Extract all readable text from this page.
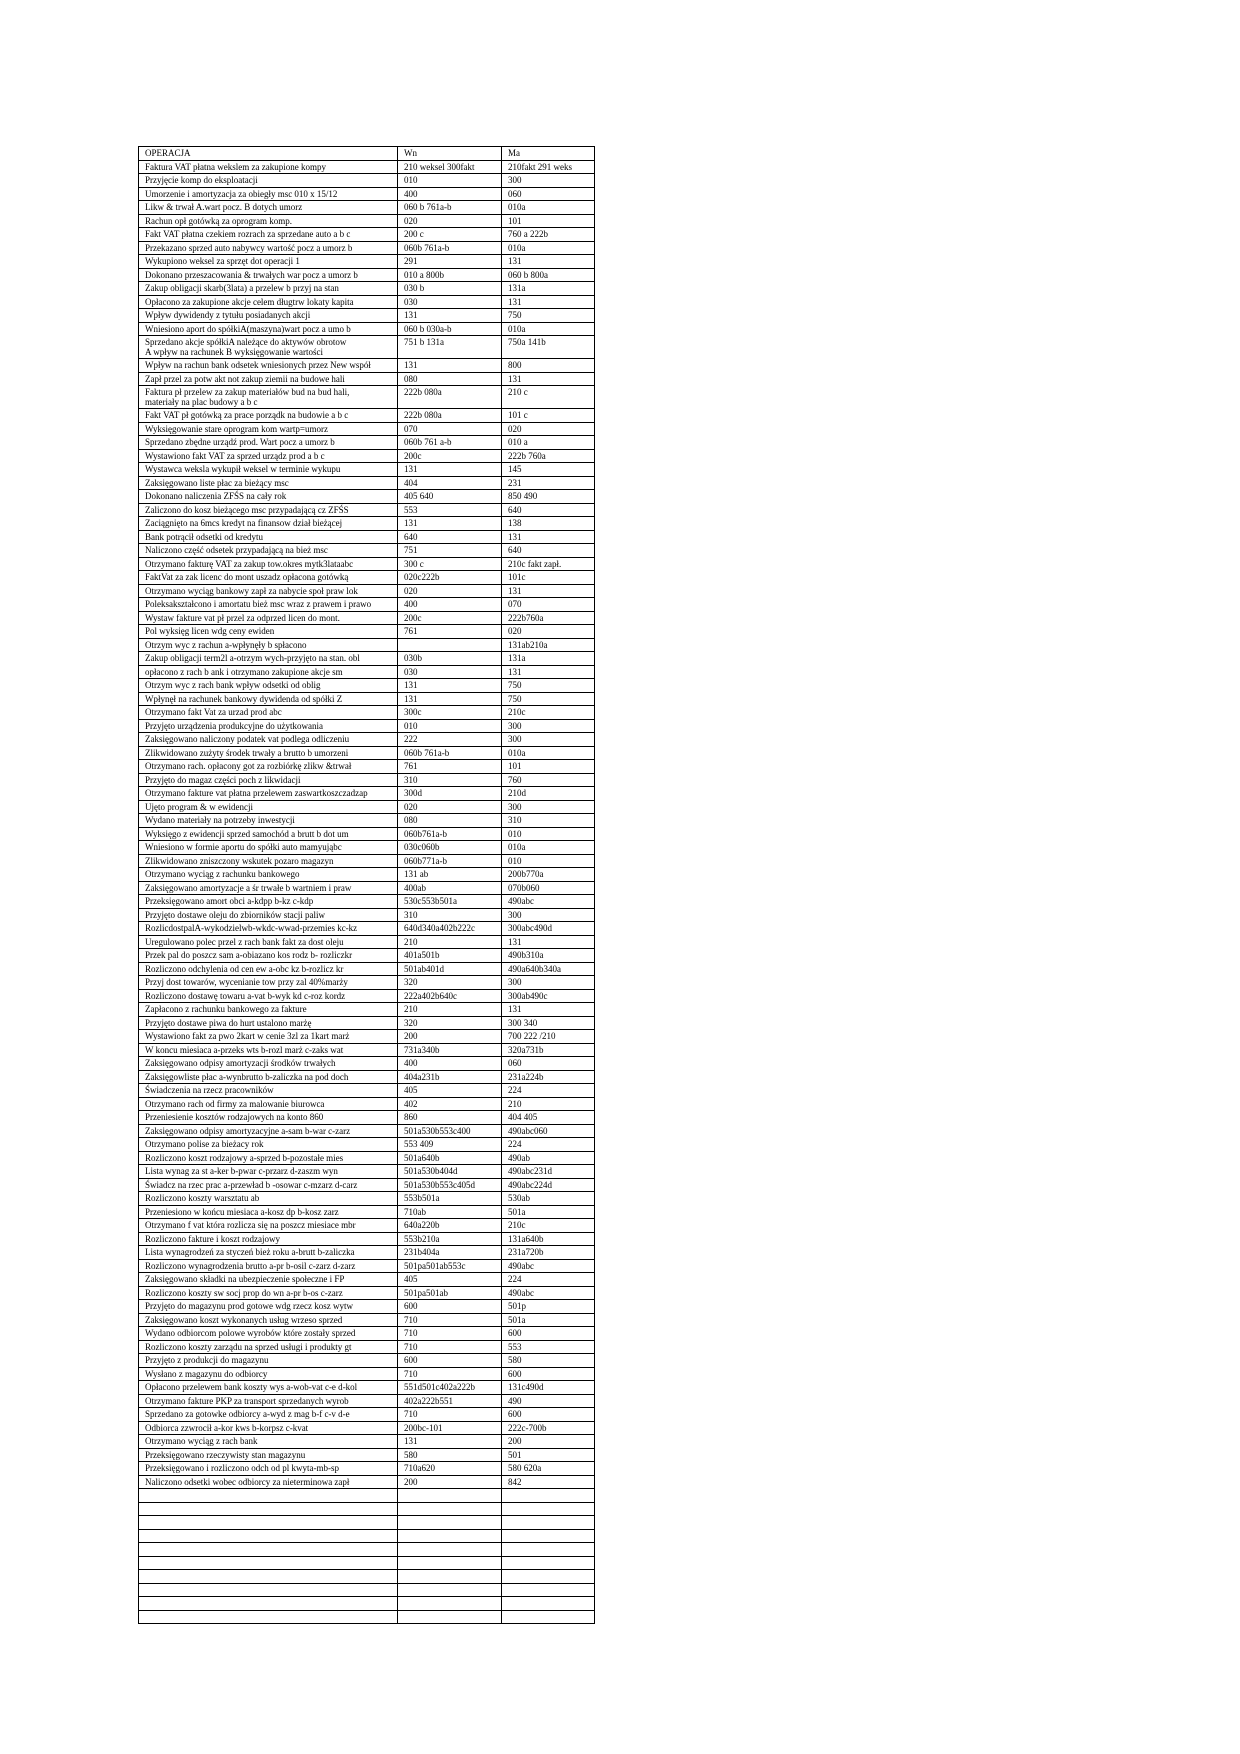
OPERACJA	Wn	Ma
Faktura VAT płatna wekslem za zakupione kompy	210 weksel 300fakt	210fakt 291 weks
Przyjęcie komp do eksploatacji	010	300
Umorzenie i amortyzacja za obiegły msc 010 x 15/12	400	060
Likw & trwał A.wart pocz. B dotych umorz	060 b 761a-b	010a
Rachun opł gotówką za oprogram komp.	020	101
Fakt VAT płatna czekiem rozrach za sprzedane auto a b c	200 c	760 a 222b
Przekazano sprzed auto nabywcy wartość pocz a umorz b	060b 761a-b	010a
Wykupiono weksel za sprzęt dot operacji 1	291	131
Dokonano przeszacowania & trwałych war pocz a umorz b	010 a 800b	060 b 800a
Zakup obligacji skarb(3lata) a przelew b przyj na stan	030 b	131a
Opłacono za zakupione akcje celem długtrw lokaty kapita	030	131
Wpływ dywidendy z tytułu posiadanych akcji	131	750
Wniesiono aport do spółkiA(maszyna)wart pocz a umo b	060 b 030a-b	010a
Sprzedano akcje spółkiA należące do aktywów obrotow
A wpływ na rachunek B wyksięgowanie wartości	751 b 131a	750a 141b
Wpływ na rachun bank odsetek wniesionych przez New współ	131	800
Zapł przel za potw akt not zakup ziemii na budowe hali	080	131
Faktura pł przelew za zakup materiałów bud na bud hali,
materiały na plac budowy a b c	222b 080a	210 c
Fakt VAT pł gotówką za prace porządk na budowie a b c	222b 080a	101 c
Wyksięgowanie stare oprogram kom wartp=umorz	070	020
Sprzedano zbędne urządź prod. Wart pocz a umorz b	060b 761 a-b	010 a
Wystawiono fakt VAT za sprzed urządz prod a b c	200c	222b 760a
Wystawca weksla wykupił weksel w terminie wykupu	131	145
Zaksięgowano liste płac za bieżący msc	404	231
Dokonano naliczenia ZFŚS na cały rok	405 640	850 490
Zaliczono do kosz bieżącego msc przypadającą cz ZFŚS	553	640
Zaciągnięto na 6mcs kredyt na finansow dział bieżącej	131	138
Bank potrącił odsetki od kredytu	640	131
Naliczono część odsetek przypadającą na bież msc	751	640
Otrzymano fakturę VAT za zakup tow.okres mytk3lataabc	300 c	210c fakt zapł.
FaktVat za zak licenc do mont uszadz opłacona gotówką	020c222b	101c
Otrzymano wyciąg bankowy zapł za nabycie społ praw lok	020	131
Poleksakształcono i amortatu bież msc wraz z prawem i prawo	400	070
Wystaw fakture vat pł przel za odprzed licen do mont.	200c	222b760a
Pol wyksięg licen wdg ceny ewiden	761	020
Otrzym wyc z rachun a-wpłynęły b spłacono		131ab210a
Zakup obligacji term2l a-otrzym wych-przyjęto na stan. obl	030b	131a
opłacono z rach b ank i otrzymano zakupione akcje sm	030	131
Otrzym wyc z rach bank wpływ odsetki od oblig	131	750
Wpłynęł na rachunek bankowy dywidenda od spółki Z	131	750
Otrzymano fakt Vat za urzad prod abc	300c	210c
Przyjęto urządzenia produkcyjne do użytkowania	010	300
Zaksięgowano naliczony podatek vat podlega odliczeniu	222	300
Zlikwidowano zużyty środek trwały a brutto b umorzeni	060b 761a-b	010a
Otrzymano rach. opłacony got za rozbiórkę zlikw &trwał	761	101
Przyjęto do magaz części poch z likwidacji	310	760
Otrzymano fakture vat płatna przelewem zaswartkoszczadzap	300d	210d
Ujęto program & w ewidencji	020	300
Wydano materiały na potrzeby inwestycji	080	310
Wyksięgo z ewidencji sprzed samochód a brutt b dot um	060b761a-b	010
Wniesiono w formie aportu do spółki auto mamyująbc	030c060b	010a
Zlikwidowano zniszczony wskutek pozaro magazyn	060b771a-b	010
Otrzymano wyciąg z rachunku bankowego	131 ab	200b770a
Zaksięgowano amortyzacje a śr trwałe b wartniem i praw	400ab	070b060
Przeksięgowano amort obci a-kdpp b-kz c-kdp	530c553b501a	490abc
Przyjęto dostawe oleju do zbiorników stacji paliw	310	300
RozlicdostpalA-wykodzielwb-wkdc-wwad-przemies kc-kz	640d340a402b222c	300abc490d
Uregulowano polec przel z rach bank fakt za dost oleju	210	131
Przek pal do poszcz sam a-obiazano kos rodz b- rozliczkr	401a501b	490b310a
Rozliczono odchylenia od cen ew a-obc kz b-rozlicz kr	501ab401d	490a640b340a
Przyj dost towarów, wycenianie tow przy zal 40%marży	320	300
Rozliczono dostawę towaru a-vat b-wyk kd c-roz kordz	222a402b640c	300ab490c
Zapłacono z rachunku bankowego za fakture	210	131
Przyjęto dostawe piwa do hurt ustalono marżę	320	300 340
Wystawiono fakt za pwo 2kart w cenie 3zl za 1kart marż	200	700 222 /210
W koncu miesiaca a-przeks wts b-rozl marż c-zaks wat	731a340b	320a731b
Zaksięgowano odpisy amortyzacji środków trwałych	400	060
Zaksięgowliste płac a-wynbrutto b-zaliczka na pod doch	404a231b	231a224b
Świadczenia na rzecz pracowników	405	224
Otrzymano rach od firmy za malowanie biurowca	402	210
Przeniesienie kosztów rodzajowych na konto 860	860	404 405
Zaksięgowano odpisy amortyzacyjne a-sam b-war c-zarz	501a530b553c400	490abc060
Otrzymano polise za bieżacy rok	553 409	224
Rozliczono koszt rodzajowy a-sprzed b-pozostałe mies	501a640b	490ab
Lista wynag za st a-ker b-pwar c-przarz d-zaszm wyn	501a530b404d	490abc231d
Świadcz na rzec prac a-przewład b -osowar c-mzarz d-carz	501a530b553c405d	490abc224d
Rozliczono koszty warsztatu ab	553b501a	530ab
Przeniesiono w końcu miesiaca a-kosz dp b-kosz zarz	710ab	501a
Otrzymano f vat która rozlicza się na poszcz miesiace mbr	640a220b	210c
Rozliczono fakture i koszt rodzajowy	553b210a	131a640b
Lista wynagrodzeń za styczeń bież roku a-brutt b-zaliczka	231b404a	231a720b
Rozliczono wynagrodzenia brutto a-pr b-osil c-zarz d-zarz	501pa501ab553c	490abc
Zaksięgowano składki na ubezpieczenie społeczne i FP	405	224
Rozliczono koszty sw socj prop do wn a-pr b-os c-zarz	501pa501ab	490abc
Przyjęto do magazynu prod gotowe wdg rzecz kosz wytw	600	501p
Zaksięgowano koszt wykonanych usług wrzeso sprzed	710	501a
Wydano odbiorcom polowe wyrobów które zostały sprzed	710	600
Rozliczono koszty zarządu na sprzed usługi i produkty gt	710	553
Przyjęto z produkcji do magazynu	600	580
Wysłano z magazynu do odbiorcy	710	600
Opłacono przelewem bank koszty wys a-wob-vat c-e d-kol	551d501c402a222b	131c490d
Otrzymano fakture PKP za transport sprzedanych wyrob	402a222b551	490
Sprzedano za gotowke odbiorcy a-wyd z mag b-f c-v d-e	710	600
Odbiorca zzwrocił a-kor kws b-korpsz c-kvat	200bc-101	222c-700b
Otrzymano wyciąg z rach bank	131	200
Przeksięgowano rzeczywisty stan magazynu	580	501
Przeksięgowano i rozliczono odch od pl kwyta-mb-sp	710a620	580 620a
Naliczono odsetki wobec odbiorcy za nieterminowa zapł	200	842
